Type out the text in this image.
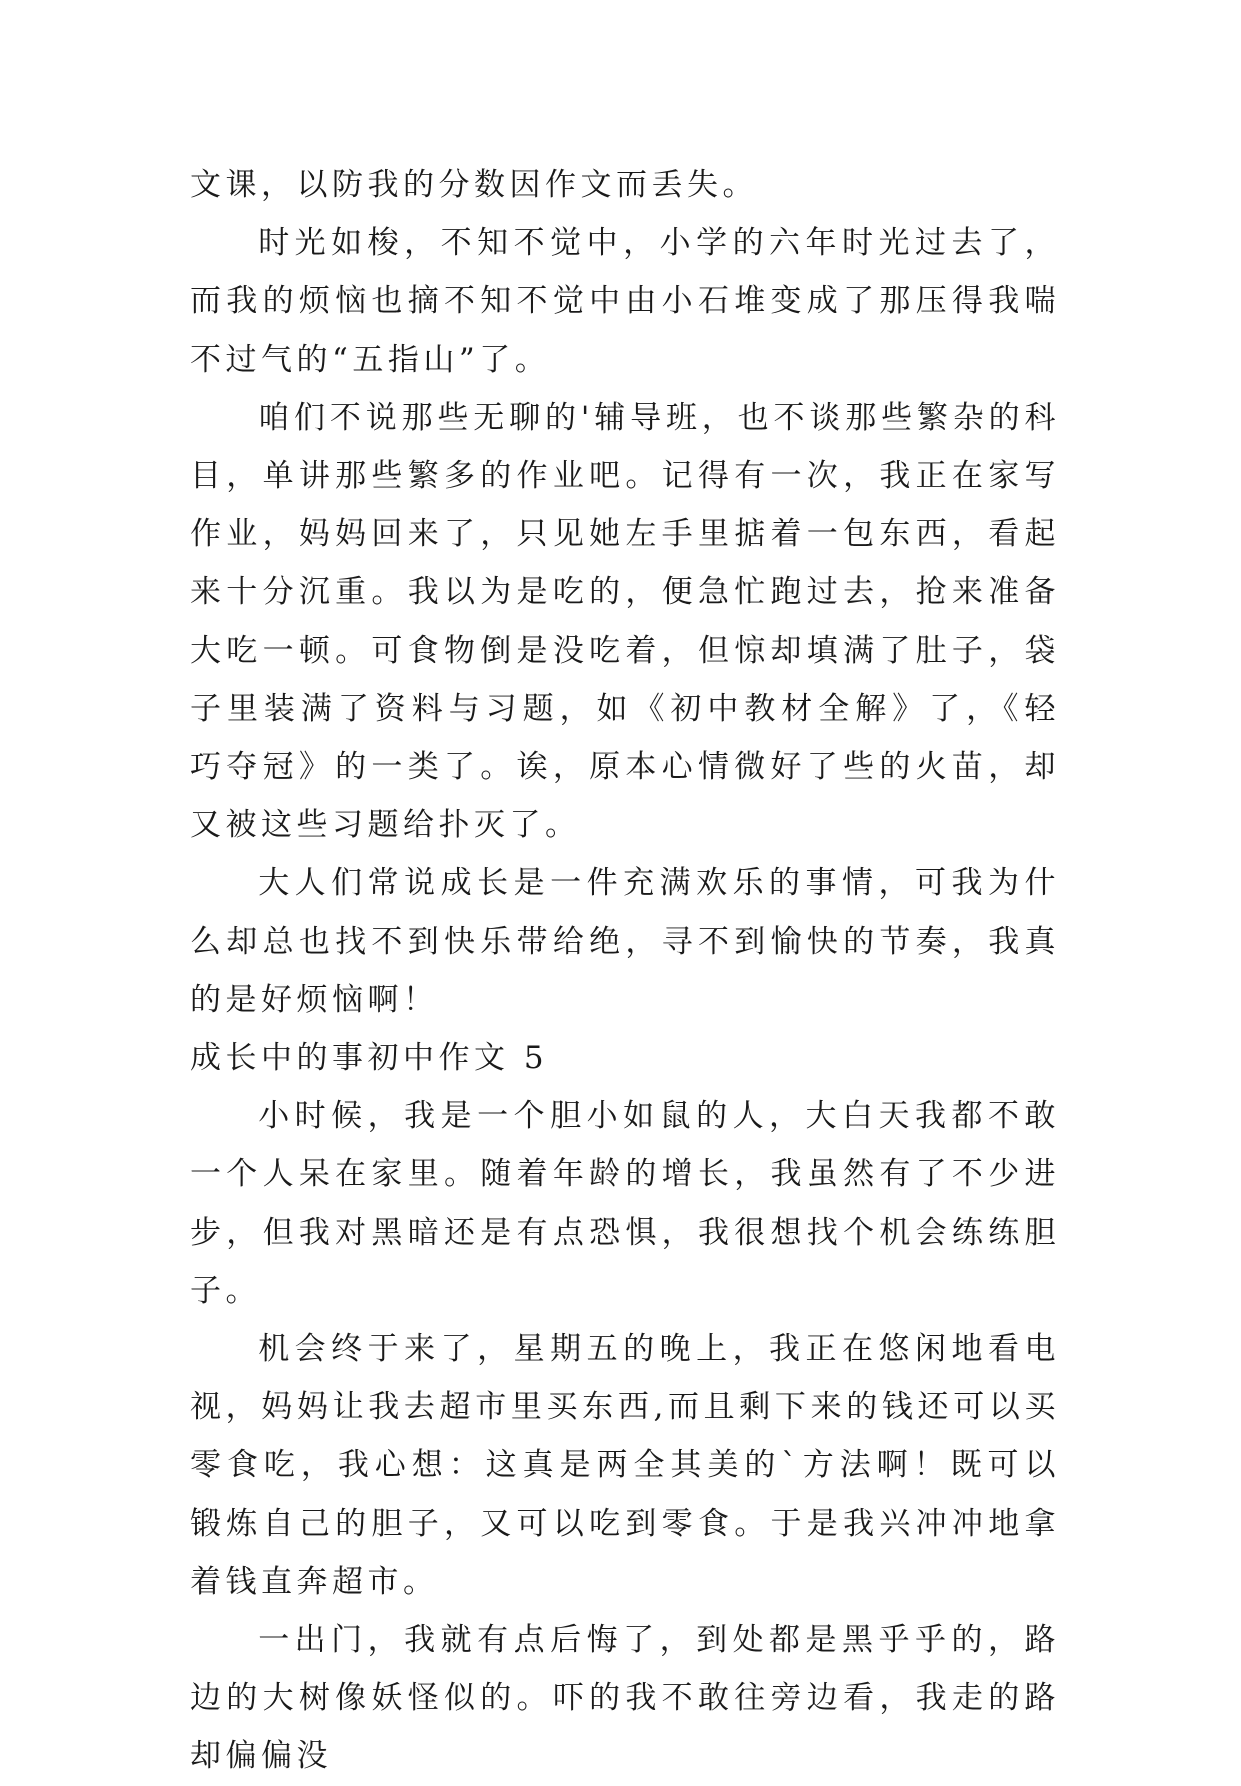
文课，以防我的分数因作文而丢失。

时光如梭，不知不觉中，小学的六年时光过去了，而我的烦恼也摘不知不觉中由小石堆变成了那压得我喘不过气的“五指山”了。

咱们不说那些无聊的'辅导班，也不谈那些繁杂的科目，单讲那些繁多的作业吧。记得有一次，我正在家写作业，妈妈回来了，只见她左手里掂着一包东西，看起来十分沉重。我以为是吃的，便急忙跑过去，抢来准备大吃一顿。可食物倒是没吃着，但惊却填满了肚子，袋子里装满了资料与习题，如《初中教材全解》了，《轻巧夺冠》的一类了。诶，原本心情微好了些的火苗，却又被这些习题给扑灭了。

大人们常说成长是一件充满欢乐的事情，可我为什么却总也找不到快乐带给绝，寻不到愉快的节奏，我真的是好烦恼啊！

成长中的事初中作文 5

小时候，我是一个胆小如鼠的人，大白天我都不敢一个人呆在家里。随着年龄的增长，我虽然有了不少进步，但我对黑暗还是有点恐惧，我很想找个机会练练胆子。

机会终于来了，星期五的晚上，我正在悠闲地看电视，妈妈让我去超市里买东西,而且剩下来的钱还可以买零食吃，我心想：这真是两全其美的`方法啊！既可以锻炼自己的胆子，又可以吃到零食。于是我兴冲冲地拿着钱直奔超市。

一出门，我就有点后悔了，到处都是黑乎乎的，路边的大树像妖怪似的。吓的我不敢往旁边看，我走的路却偏偏没
